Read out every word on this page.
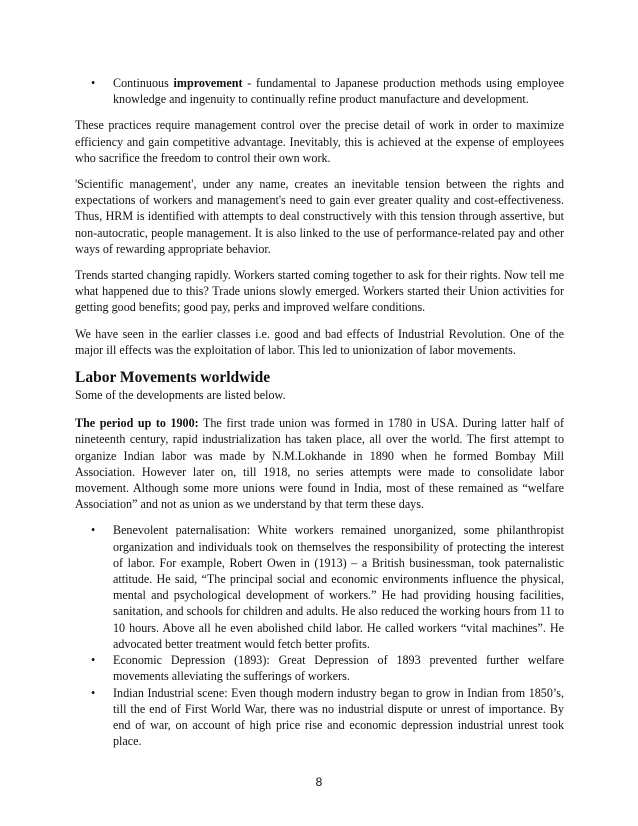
•
Continuous improvement - fundamental to Japanese production methods using employee knowledge and ingenuity to continually refine product manufacture and development.

These practices require management control over the precise detail of work in order to maximize efficiency and gain competitive advantage. Inevitably, this is achieved at the expense of employees who sacrifice the freedom to control their own work.

'Scientific management', under any name, creates an inevitable tension between the rights and expectations of workers and management's need to gain ever greater quality and cost-effectiveness. Thus, HRM is identified with attempts to deal constructively with this tension through assertive, but non-autocratic, people management. It is also linked to the use of performance-related pay and other ways of rewarding appropriate behavior.

Trends started changing rapidly. Workers started coming together to ask for their rights. Now tell me what happened due to this? Trade unions slowly emerged. Workers started their Union activities for getting good benefits; good pay, perks and improved welfare conditions.

We have seen in the earlier classes i.e. good and bad effects of Industrial Revolution. One of the major ill effects was the exploitation of labor. This led to unionization of labor movements.

Labor Movements worldwide
Some of the developments are listed below.

The period up to 1900: The first trade union was formed in 1780 in USA. During latter half of nineteenth century, rapid industrialization has taken place, all over the world. The first attempt to organize Indian labor was made by N.M.Lokhande in 1890 when he formed Bombay Mill Association. However later on, till 1918, no series attempts were made to consolidate labor movement. Although some more unions were found in India, most of these remained as “welfare Association” and not as union as we understand by that term these days.

•
Benevolent paternalisation: White workers remained unorganized, some philanthropist organization and individuals took on themselves the responsibility of protecting the interest of labor. For example, Robert Owen in (1913) – a British businessman, took paternalistic attitude. He said, “The principal social and economic environments influence the physical, mental and psychological development of workers.” He had providing housing facilities, sanitation, and schools for children and adults. He also reduced the working hours from 11 to 10 hours. Above all he even abolished child labor. He called workers “vital machines”. He advocated better treatment would fetch better profits.
•
Economic Depression (1893): Great Depression of 1893 prevented further welfare movements alleviating the sufferings of workers.
•
Indian Industrial scene: Even though modern industry began to grow in Indian from 1850’s, till the end of First World War, there was no industrial dispute or unrest of importance. By end of war, on account of high price rise and economic depression industrial unrest took place.
8
